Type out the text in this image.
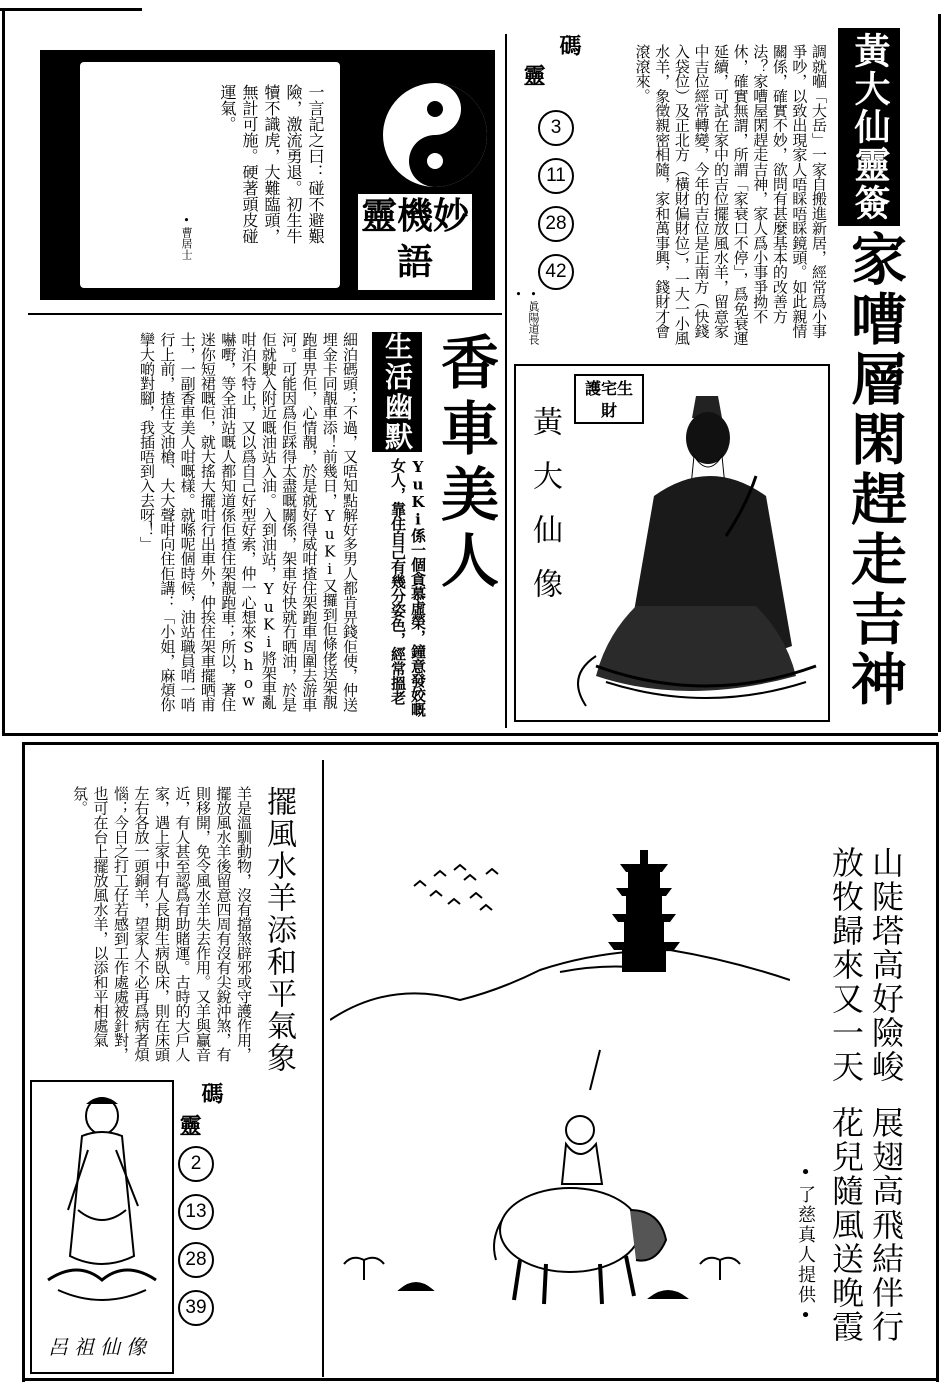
黃大仙靈簽
家嘈層閑趕走吉神
調就嗰「大岳」一家自搬進新居，經常爲小事爭吵，以致出現家人唔睬唔睬鏡頭。如此親情關係，確實不妙，欲問有甚麼基本的改善方法？家嘈屋閑趕走吉神，家人爲小事爭拗不休，確實無謂，所謂「家衰口不停」，爲免衰運延續，可試在家中的吉位擺放風水羊，留意家中吉位經常轉變，今年的吉位是正南方（快錢入袋位）及正北方（橫財偏財位），一大一小風水羊，象徵親密相隨，家和萬事興，錢財才會滾滾來。
碼
靈
3
11
28
42
•眞陽道長•
黃大仙像
護宅生財
一言記之曰：碰不避艱險，激流勇退。初生牛犢不識虎，大難臨頭，無計可施。硬著頭皮碰運氣。
•曹居士	靈機妙語
香車美人
生活幽默
YuKi係一個貪慕虛榮，鐘意發姣嘅女人，靠住自己有幾分姿色，經常搵老
細泊碼頭；不過，又唔知點解好多男人都肯畀錢佢使，仲送埋金卡同靚車添！前幾日，YuKi又攞到佢條佬送架靚跑車畀佢，心情靚，於是就好得威咁揸住架跑車周圍去游車河。可能因爲佢踩得太盡嘅關係，架車好快就冇晒油，於是佢就駛入附近嘅油站入油。入到油站，YuKi將架車亂咁泊不特止，又以爲自己好型好索，仲一心想來Show嚇嘢，等全油站嘅人都知道係佢揸住架靚跑車；所以，著住迷你短裙嘅佢，就大搖大擺咁行出車外，仲挨住架車擺晒甫士，一副香車美人咁嘅樣。就喺呢個時候，油站職員哨一哨行上前，揸住支油槍、大大聲咁向住佢講：「小姐，麻煩你攣大啲對腳，我插唔到入去呀！」
擺風水羊添和平氣象
羊是溫馴動物，沒有擋煞辟邪或守護作用，擺放風水羊後留意四周有沒有尖銳沖煞，有則移開，免令風水羊失去作用。又羊與贏音近，有人甚至認爲有助賭運。古時的大戶人家，遇上家中有人長期生病臥床，則在床頭左右各放一頭銅羊，望家人不必再爲病者煩惱；今日之打工仔若感到工作處處被針對，也可在台上擺放風水羊，以添和平相處氣氛。
碼
靈
2
13
28
39
呂祖仙像
山陡塔高好險峻 放牧歸來又一天
展翅高飛結伴行 花兒隨風送晚霞
•了慈真人提供•
